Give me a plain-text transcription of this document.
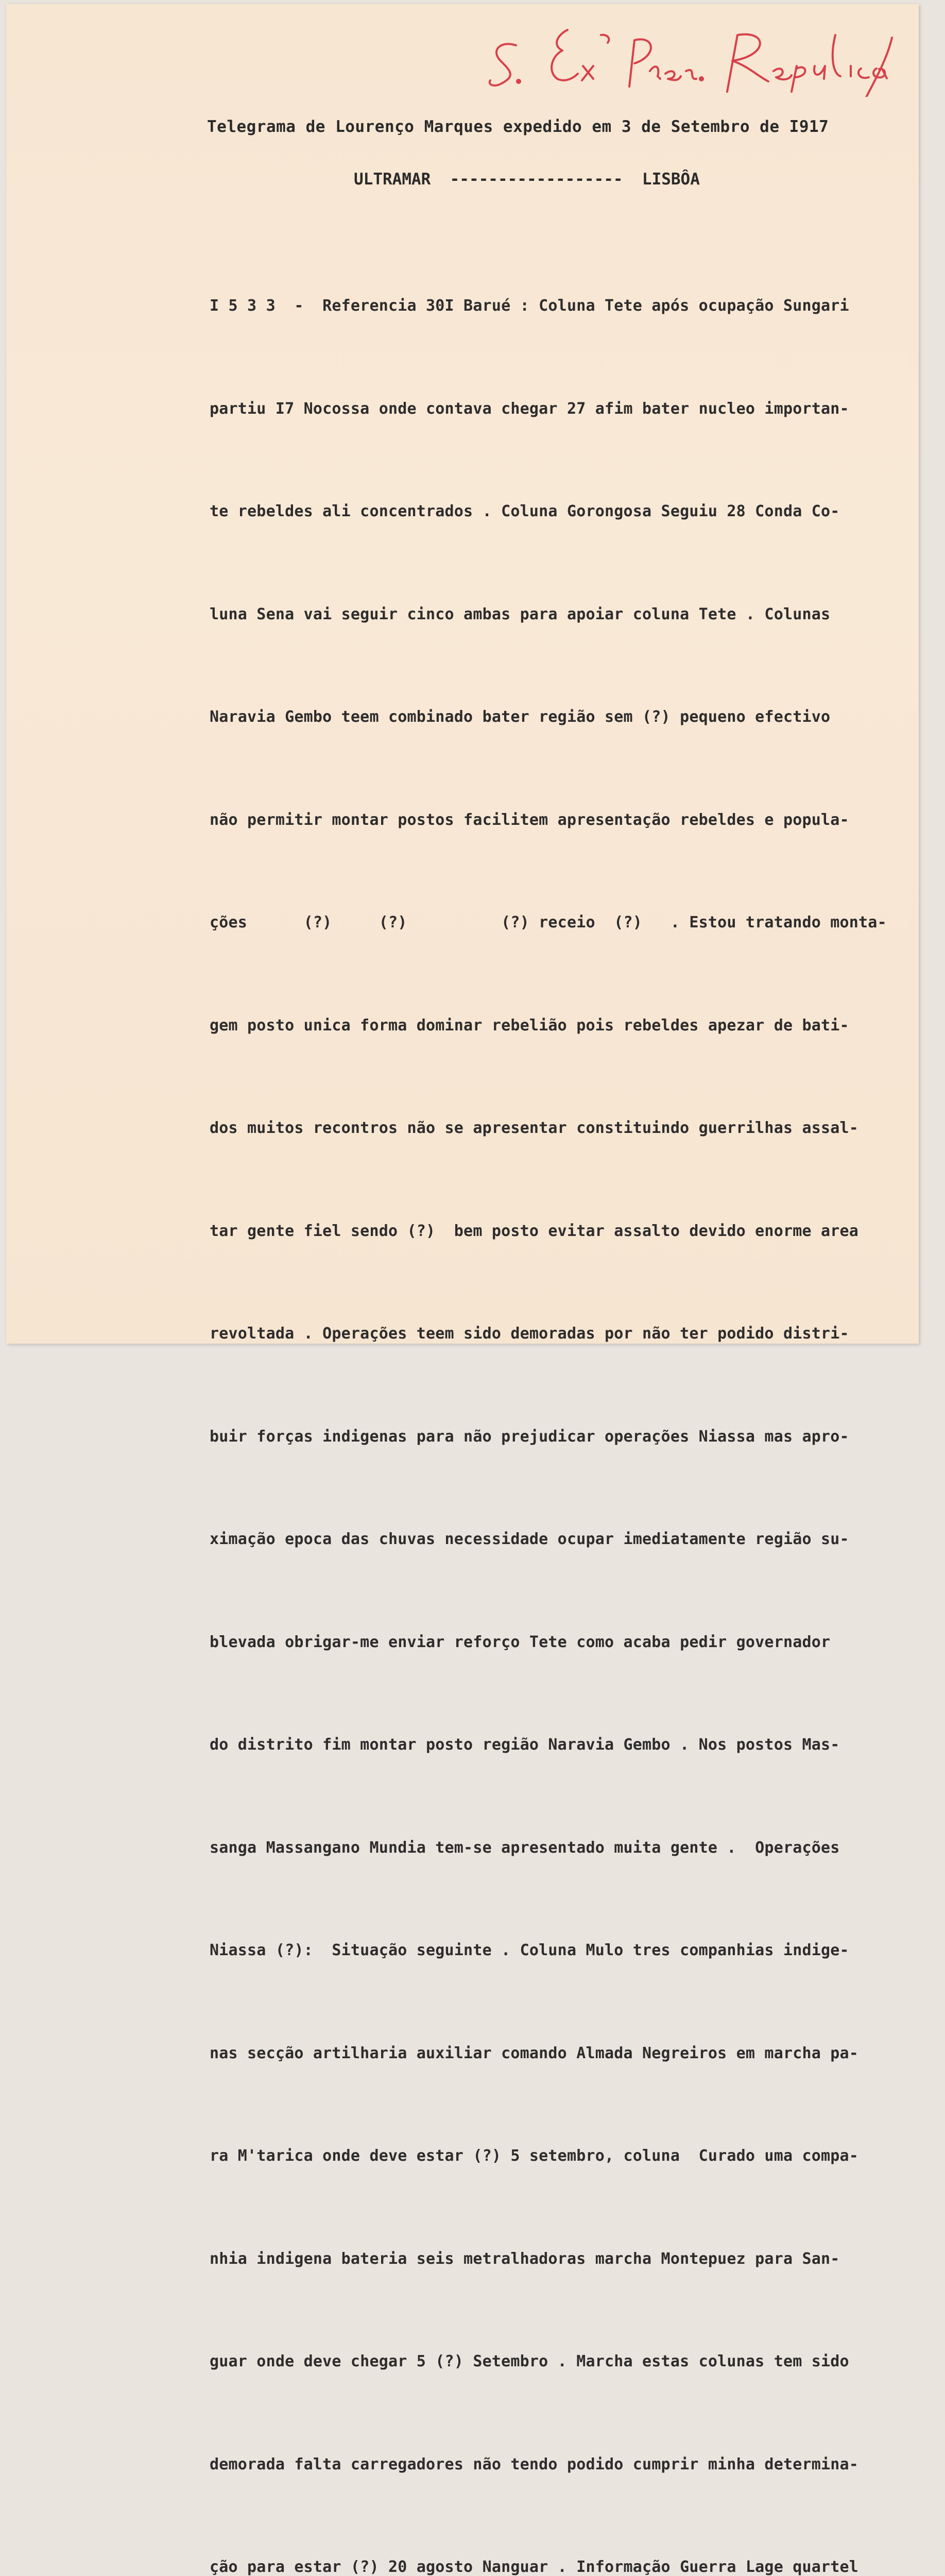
Telegrama de Lourenço Marques expedido em 3 de Setembro de I917
ULTRAMAR  ------------------  LISBÔA

I 5 3 3  -  Referencia 30I Barué : Coluna Tete após ocupação Sungari

partiu I7 Nocossa onde contava chegar 27 afim bater nucleo importan-

te rebeldes ali concentrados . Coluna Gorongosa Seguiu 28 Conda Co-

luna Sena vai seguir cinco ambas para apoiar coluna Tete . Colunas

Naravia Gembo teem combinado bater região sem (?) pequeno efectivo

não permitir montar postos facilitem apresentação rebeldes e popula-

ções      (?)     (?)          (?) receio  (?)   . Estou tratando monta-

gem posto unica forma dominar rebelião pois rebeldes apezar de bati-

dos muitos recontros não se apresentar constituindo guerrilhas assal-

tar gente fiel sendo (?)  bem posto evitar assalto devido enorme area

revoltada . Operações teem sido demoradas por não ter podido distri-

buir forças indigenas para não prejudicar operações Niassa mas apro-

ximação epoca das chuvas necessidade ocupar imediatamente região su-

blevada obrigar-me enviar reforço Tete como acaba pedir governador

do distrito fim montar posto região Naravia Gembo . Nos postos Mas-

sanga Massangano Mundia tem-se apresentado muita gente .  Operações

Niassa (?):  Situação seguinte . Coluna Mulo tres companhias indige-

nas secção artilharia auxiliar comando Almada Negreiros em marcha pa-

ra M'tarica onde deve estar (?) 5 setembro, coluna  Curado uma compa-

nhia indigena bateria seis metralhadoras marcha Montepuez para San-

guar onde deve chegar 5 (?) Setembro . Marcha estas colunas tem sido

demorada falta carregadores não tendo podido cumprir minha determina-

ção para estar (?) 20 agosto Nanguar . Informação Guerra Lage quartel
